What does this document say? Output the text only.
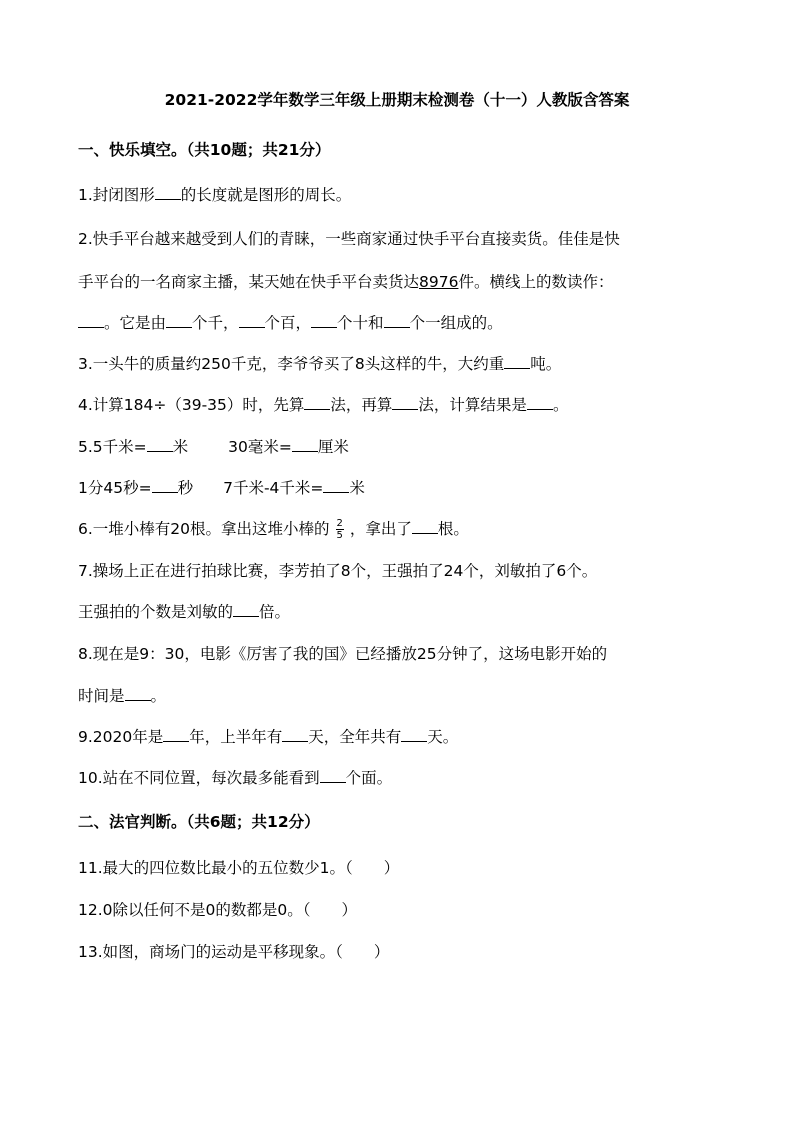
2021-2022学年数学三年级上册期末检测卷（十一）人教版含答案
一、快乐填空。（共10题；共21分）
1.封闭图形 的长度就是图形的周长。
2.快手平台越来越受到人们的青睐，一些商家通过快手平台直接卖货。佳佳是快
手平台的一名商家主播，某天她在快手平台卖货达8976件。横线上的数读作：
。它是由 个千， 个百， 个十和 个一组成的。
3.一头牛的质量约250千克，李爷爷买了8头这样的牛，大约重 吨。
4.计算184÷（39-35）时，先算 法，再算 法，计算结果是 。
5.5千米= 米	30毫米= 厘米
1分45秒= 秒 7千米-4千米= 米
6.一堆小棒有20根。拿出这堆小棒的 $\frac{2}{5}$ ，拿出了 根。
7.操场上正在进行拍球比赛，李芳拍了8个，王强拍了24个，刘敏拍了6个。
王强拍的个数是刘敏的 倍。
8.现在是9：30，电影《厉害了我的国》已经播放25分钟了，这场电影开始的
时间是 。
9.2020年是 年，上半年有 天，全年共有 天。
10.站在不同位置，每次最多能看到 个面。
二、法官判断。（共6题；共12分）
11.最大的四位数比最小的五位数少1。（　　）
12.0除以任何不是0的数都是0。（　　）
13.如图，商场门的运动是平移现象。（　　）
